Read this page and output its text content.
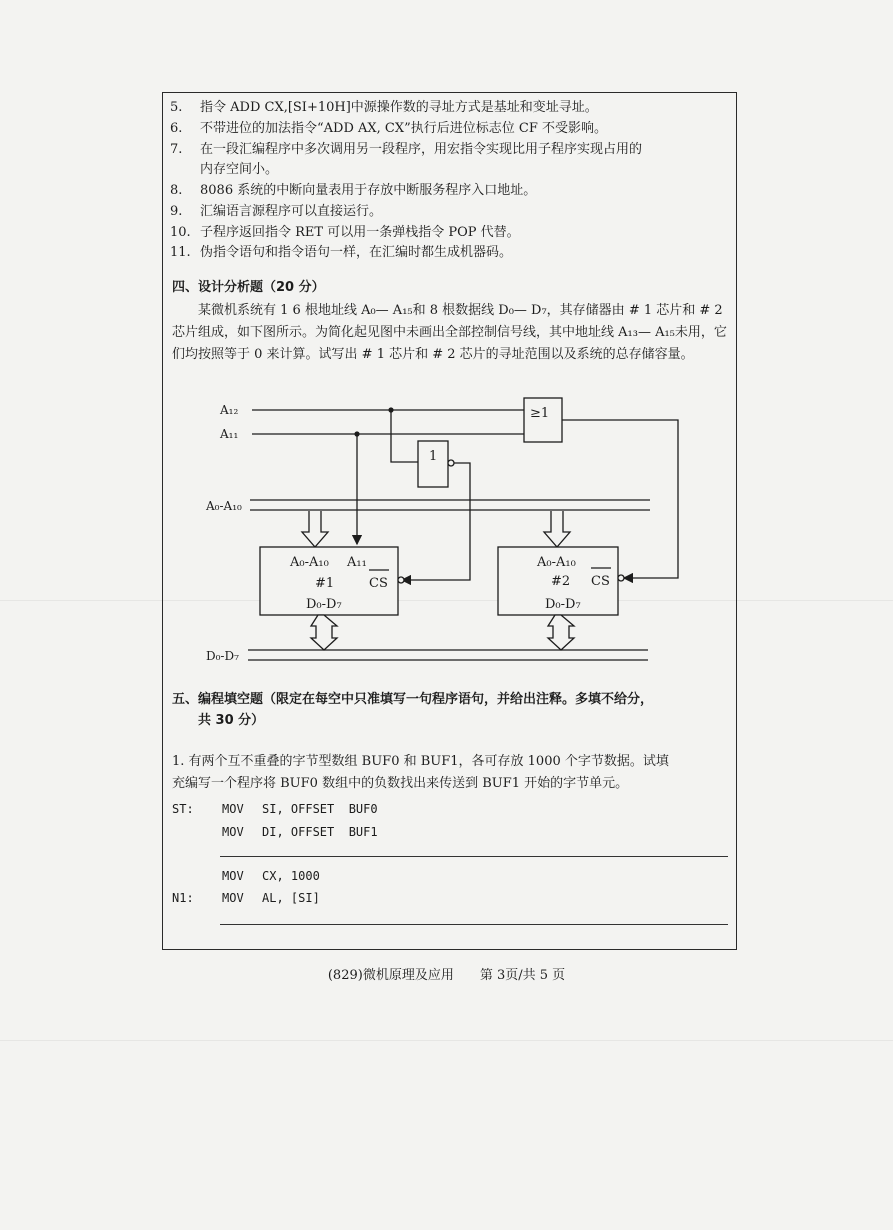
5. 指令 ADD CX,[SI+10H]中源操作数的寻址方式是基址和变址寻址。
6. 不带进位的加法指令“ADD AX, CX”执行后进位标志位 CF 不受影响。
7. 在一段汇编程序中多次调用另一段程序，用宏指令实现比用子程序实现占用的
内存空间小。
8. 8086 系统的中断向量表用于存放中断服务程序入口地址。
9. 汇编语言源程序可以直接运行。
10. 子程序返回指令 RET 可以用一条弹栈指令 POP 代替。
11. 伪指令语句和指令语句一样，在汇编时都生成机器码。
四、设计分析题（20 分）
某微机系统有 1 6 根地址线 A₀— A₁₅和 8 根数据线 D₀— D₇，其存储器由 # 1 芯片和 # 2 芯片组成，如下图所示。为简化起见图中未画出全部控制信号线，其中地址线 A₁₃— A₁₅未用，它们均按照等于 0 来计算。试写出 # 1 芯片和 # 2 芯片的寻址范围以及系统的总存储容量。
A₁₂
A₁₁
A₀-A₁₀
D₀-D₇
≥1
1
A₀-A₁₀ A₁₁
#1	CS
D₀-D₇
A₀-A₁₀
#2 CS
D₀-D₇
五、编程填空题（限定在每空中只准填写一句程序语句，并给出注释。多填不给分，
共 30 分）
1. 有两个互不重叠的字节型数组 BUF0 和 BUF1，各可存放 1000 个字节数据。试填
充编写一个程序将 BUF0 数组中的负数找出来传送到 BUF1 开始的字节单元。
ST: MOV SI, OFFSET  BUF0
MOV DI, OFFSET  BUF1
MOV CX, 1000
N1: MOV AL, [SI]
(829)微机原理及应用　　第 3页/共 5 页
